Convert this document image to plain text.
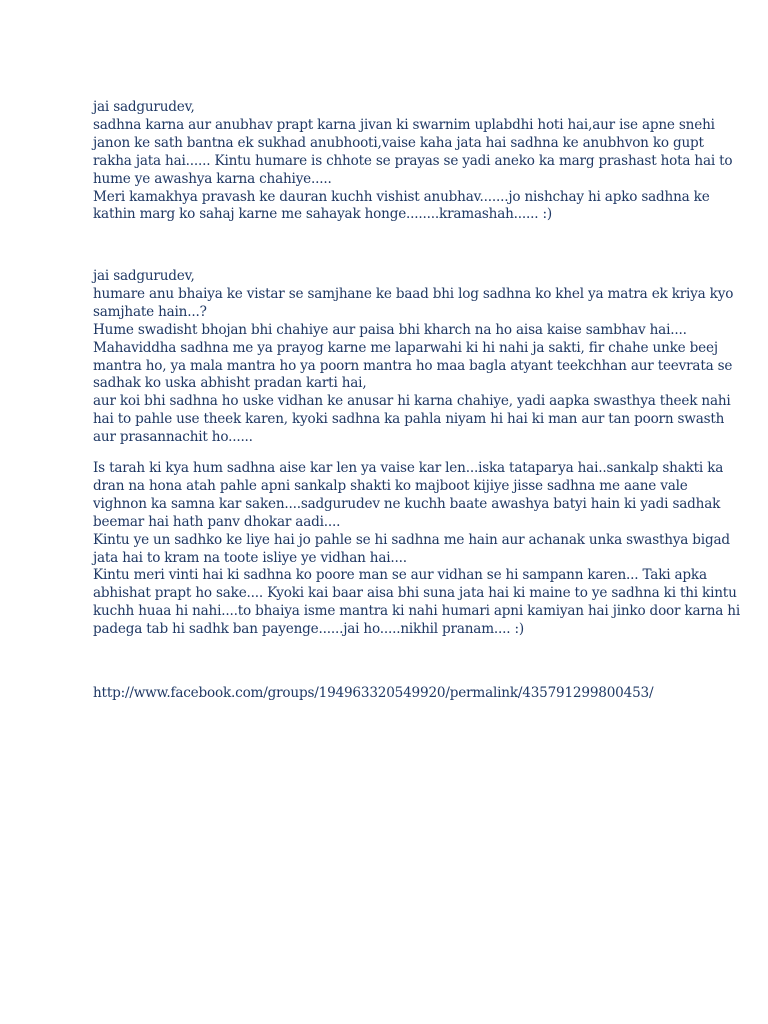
jai sadgurudev,

sadhna karna aur anubhav prapt karna jivan ki swarnim uplabdhi hoti hai,aur ise apne snehi

janon ke sath bantna ek sukhad anubhooti,vaise kaha jata hai sadhna ke anubhvon ko gupt

rakha jata hai...... Kintu humare is chhote se prayas se yadi aneko ka marg prashast hota hai to

hume ye awashya karna chahiye.....

Meri kamakhya pravash ke dauran kuchh vishist anubhav.......jo nishchay hi apko sadhna ke

kathin marg ko sahaj karne me sahayak honge........kramashah...... :)

jai sadgurudev,

humare anu bhaiya ke vistar se samjhane ke baad bhi log sadhna ko khel ya matra ek kriya kyo

samjhate hain...?

Hume swadisht bhojan bhi chahiye aur paisa bhi kharch na ho aisa kaise sambhav hai....

Mahaviddha sadhna me ya prayog karne me laparwahi ki hi nahi ja sakti, fir chahe unke beej

mantra ho, ya mala mantra ho ya poorn mantra ho maa bagla atyant teekchhan aur teevrata se

sadhak ko uska abhisht pradan karti hai,

aur koi bhi sadhna ho uske vidhan ke anusar hi karna chahiye, yadi aapka swasthya theek nahi

hai to pahle use theek karen, kyoki sadhna ka pahla niyam hi hai ki man aur tan poorn swasth

aur prasannachit ho......

Is tarah ki kya hum sadhna aise kar len ya vaise kar len...iska tataparya hai..sankalp shakti ka

dran na hona atah pahle apni sankalp shakti ko majboot kijiye jisse sadhna me aane vale

vighnon ka samna kar saken....sadgurudev ne kuchh baate awashya batyi hain ki yadi sadhak

beemar hai hath panv dhokar aadi....

Kintu ye un sadhko ke liye hai jo pahle se hi sadhna me hain aur achanak unka swasthya bigad

jata hai to kram na toote isliye ye vidhan hai....

Kintu meri vinti hai ki sadhna ko poore man se aur vidhan se hi sampann karen... Taki apka

abhishat prapt ho sake.... Kyoki kai baar aisa bhi suna jata hai ki maine to ye sadhna ki thi kintu

kuchh huaa hi nahi....to bhaiya isme mantra ki nahi humari apni kamiyan hai jinko door karna hi

padega tab hi sadhk ban payenge......jai ho.....nikhil pranam.... :)

http://www.facebook.com/groups/194963320549920/permalink/435791299800453/
